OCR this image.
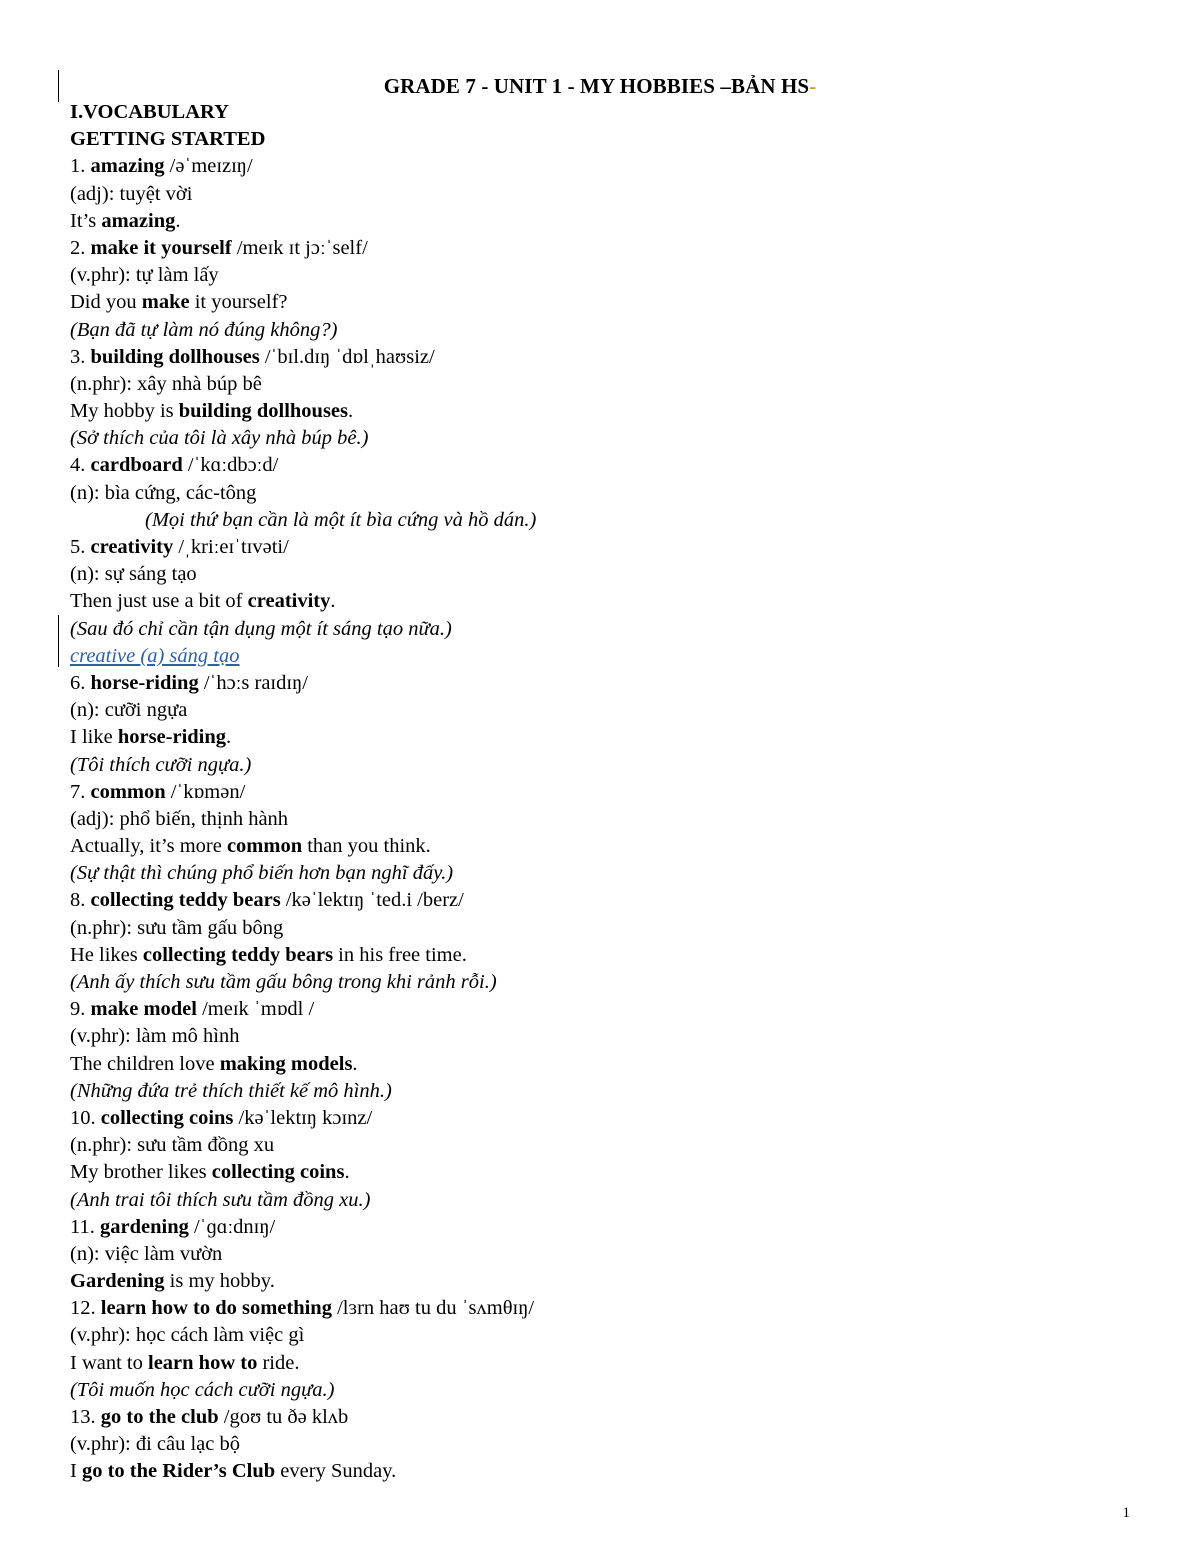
GRADE 7 - UNIT 1 - MY HOBBIES –BẢN HS-
I.VOCABULARY
GETTING STARTED
1. amazing /əˈmeɪzɪŋ/
(adj): tuyệt vời
It’s amazing.
2. make it yourself /meɪk ɪt jɔːˈself/
(v.phr): tự làm lấy
Did you make it yourself?
(Bạn đã tự làm nó đúng không?)
3. building dollhouses /ˈbɪl.dɪŋ ˈdɒlˌhaʊsiz/
(n.phr): xây nhà búp bê
My hobby is building dollhouses.
(Sở thích của tôi là xây nhà búp bê.)
4. cardboard /ˈkɑːdbɔːd/
(n): bìa cứng, các-tông
(Mọi thứ bạn cần là một ít bìa cứng và hồ dán.)
5. creativity /ˌkriːeɪˈtɪvəti/
(n): sự sáng tạo
Then just use a bit of creativity.
(Sau đó chỉ cần tận dụng một ít sáng tạo nữa.)
creative (a) sáng tạo
6. horse-riding /ˈhɔːs raɪdɪŋ/
(n): cưỡi ngựa
I like horse-riding.
(Tôi thích cưỡi ngựa.)
7. common /ˈkɒmən/
(adj): phổ biến, thịnh hành
Actually, it’s more common than you think.
(Sự thật thì chúng phổ biến hơn bạn nghĩ đấy.)
8. collecting teddy bears /kəˈlektɪŋ ˈted.i /berz/
(n.phr): sưu tầm gấu bông
He likes collecting teddy bears in his free time.
(Anh ấy thích sưu tầm gấu bông trong khi rảnh rỗi.)
9. make model /meɪk ˈmɒdl /
(v.phr): làm mô hình
The children love making models.
(Những đứa trẻ thích thiết kế mô hình.)
10. collecting coins /kəˈlektɪŋ kɔɪnz/
(n.phr): sưu tầm đồng xu
My brother likes collecting coins.
(Anh trai tôi thích sưu tầm đồng xu.)
11. gardening /ˈɡɑːdnɪŋ/
(n): việc làm vườn
Gardening is my hobby.
12. learn how to do something /lɜrn haʊ tu du ˈsʌmθɪŋ/
(v.phr): học cách làm việc gì
I want to learn how to ride.
(Tôi muốn học cách cưỡi ngựa.)
13. go to the club /goʊ tu ðə klʌb
(v.phr): đi câu lạc bộ
I go to the Rider’s Club every Sunday.
1
